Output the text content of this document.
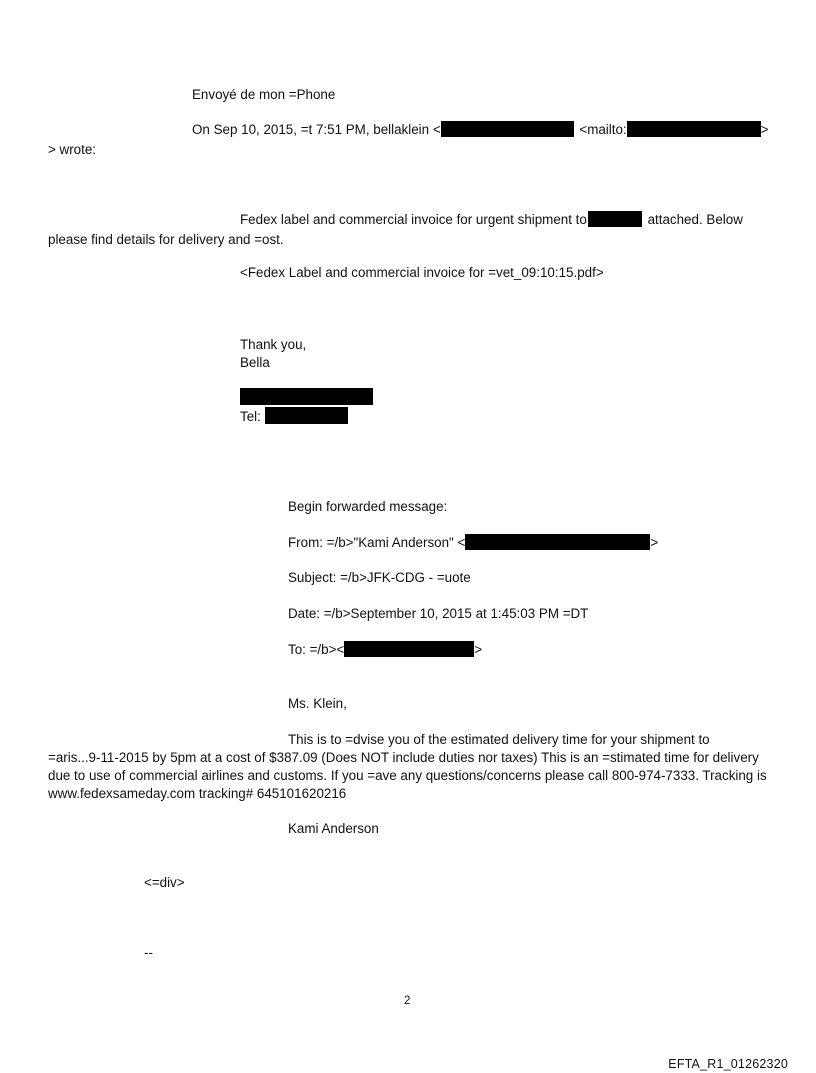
Envoyé de mon =Phone
On Sep 10, 2015, =t 7:51 PM, bellaklein <	<mailto:	>
> wrote:
Fedex label and commercial invoice for urgent shipment to	attached. Below
please find details for delivery and =ost.
<Fedex Label and commercial invoice for =vet_09:10:15.pdf>
Thank you,
Bella
Tel:
Begin forwarded message:
From: =/b>"Kami Anderson" <	>
Subject: =/b>JFK-CDG - =uote
Date: =/b>September 10, 2015 at 1:45:03 PM =DT
To: =/b><	>
Ms. Klein,
This is to =dvise you of the estimated delivery time for your shipment to
=aris...9-11-2015 by 5pm at a cost of $387.09 (Does NOT include duties nor taxes) This is an =stimated time for delivery
due to use of commercial airlines and customs. If you =ave any questions/concerns please call 800-974-7333. Tracking is
www.fedexsameday.com tracking# 645101620216
Kami Anderson
<=div>
--
2
EFTA_R1_01262320
